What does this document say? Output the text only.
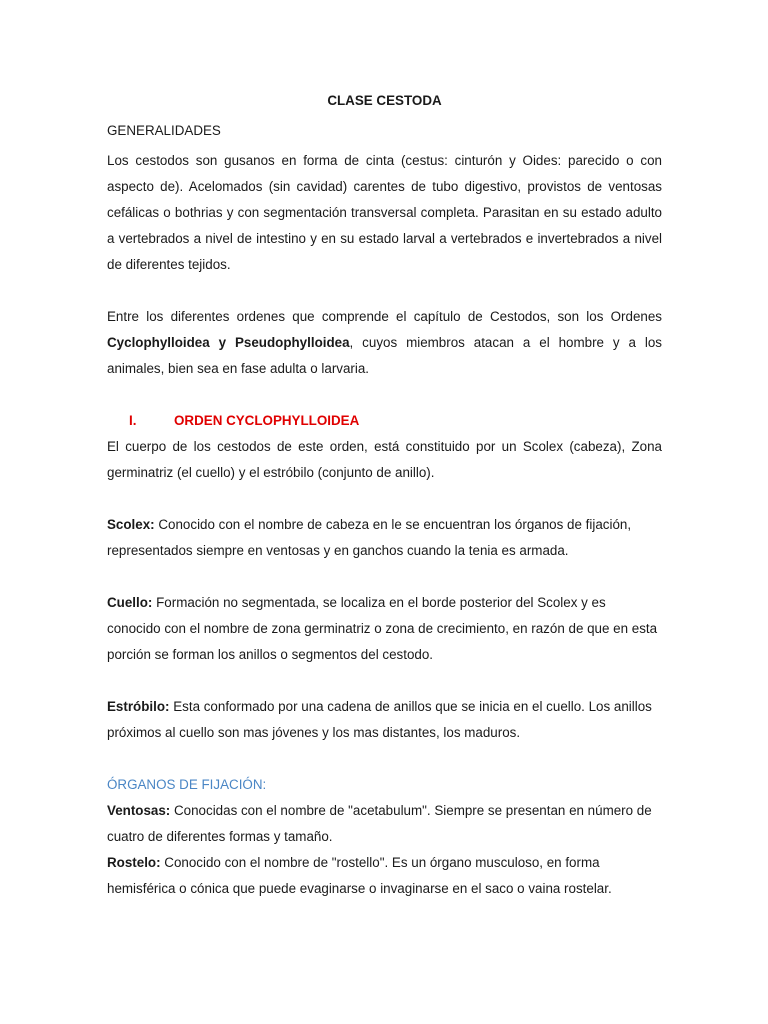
CLASE CESTODA

GENERALIDADES

Los cestodos son gusanos en forma de cinta (cestus: cinturón y Oides: parecido o con aspecto de). Acelomados (sin cavidad) carentes de tubo digestivo, provistos de ventosas cefálicas o bothrias y con segmentación transversal completa. Parasitan en su estado adulto a vertebrados a nivel de intestino y en su estado larval a vertebrados e invertebrados a nivel de diferentes tejidos.

Entre los diferentes ordenes que comprende el capítulo de Cestodos, son los Ordenes Cyclophylloidea y Pseudophylloidea, cuyos miembros atacan a el hombre y a los animales, bien sea en fase adulta o larvaria.

I.	ORDEN CYCLOPHYLLOIDEA

El cuerpo de los cestodos de este orden, está constituido por un Scolex (cabeza), Zona germinatriz (el cuello) y el estróbilo (conjunto de anillo).

Scolex: Conocido con el nombre de cabeza en le se encuentran los órganos de fijación, representados siempre en ventosas y en ganchos cuando la tenia es armada.

Cuello: Formación no segmentada, se localiza en el borde posterior del Scolex y es conocido con el nombre de zona germinatriz o zona de crecimiento, en razón de que en esta porción se forman los anillos o segmentos del cestodo.

Estróbilo: Esta conformado por una cadena de anillos que se inicia en el cuello. Los anillos próximos al cuello son mas jóvenes y los mas distantes, los maduros.

ÓRGANOS DE FIJACIÓN:

Ventosas: Conocidas con el nombre de "acetabulum". Siempre se presentan en número de cuatro de diferentes formas y tamaño.

Rostelo: Conocido con el nombre de "rostello". Es un órgano musculoso, en forma hemisférica o cónica que puede evaginarse o invaginarse en el saco o vaina rostelar.
